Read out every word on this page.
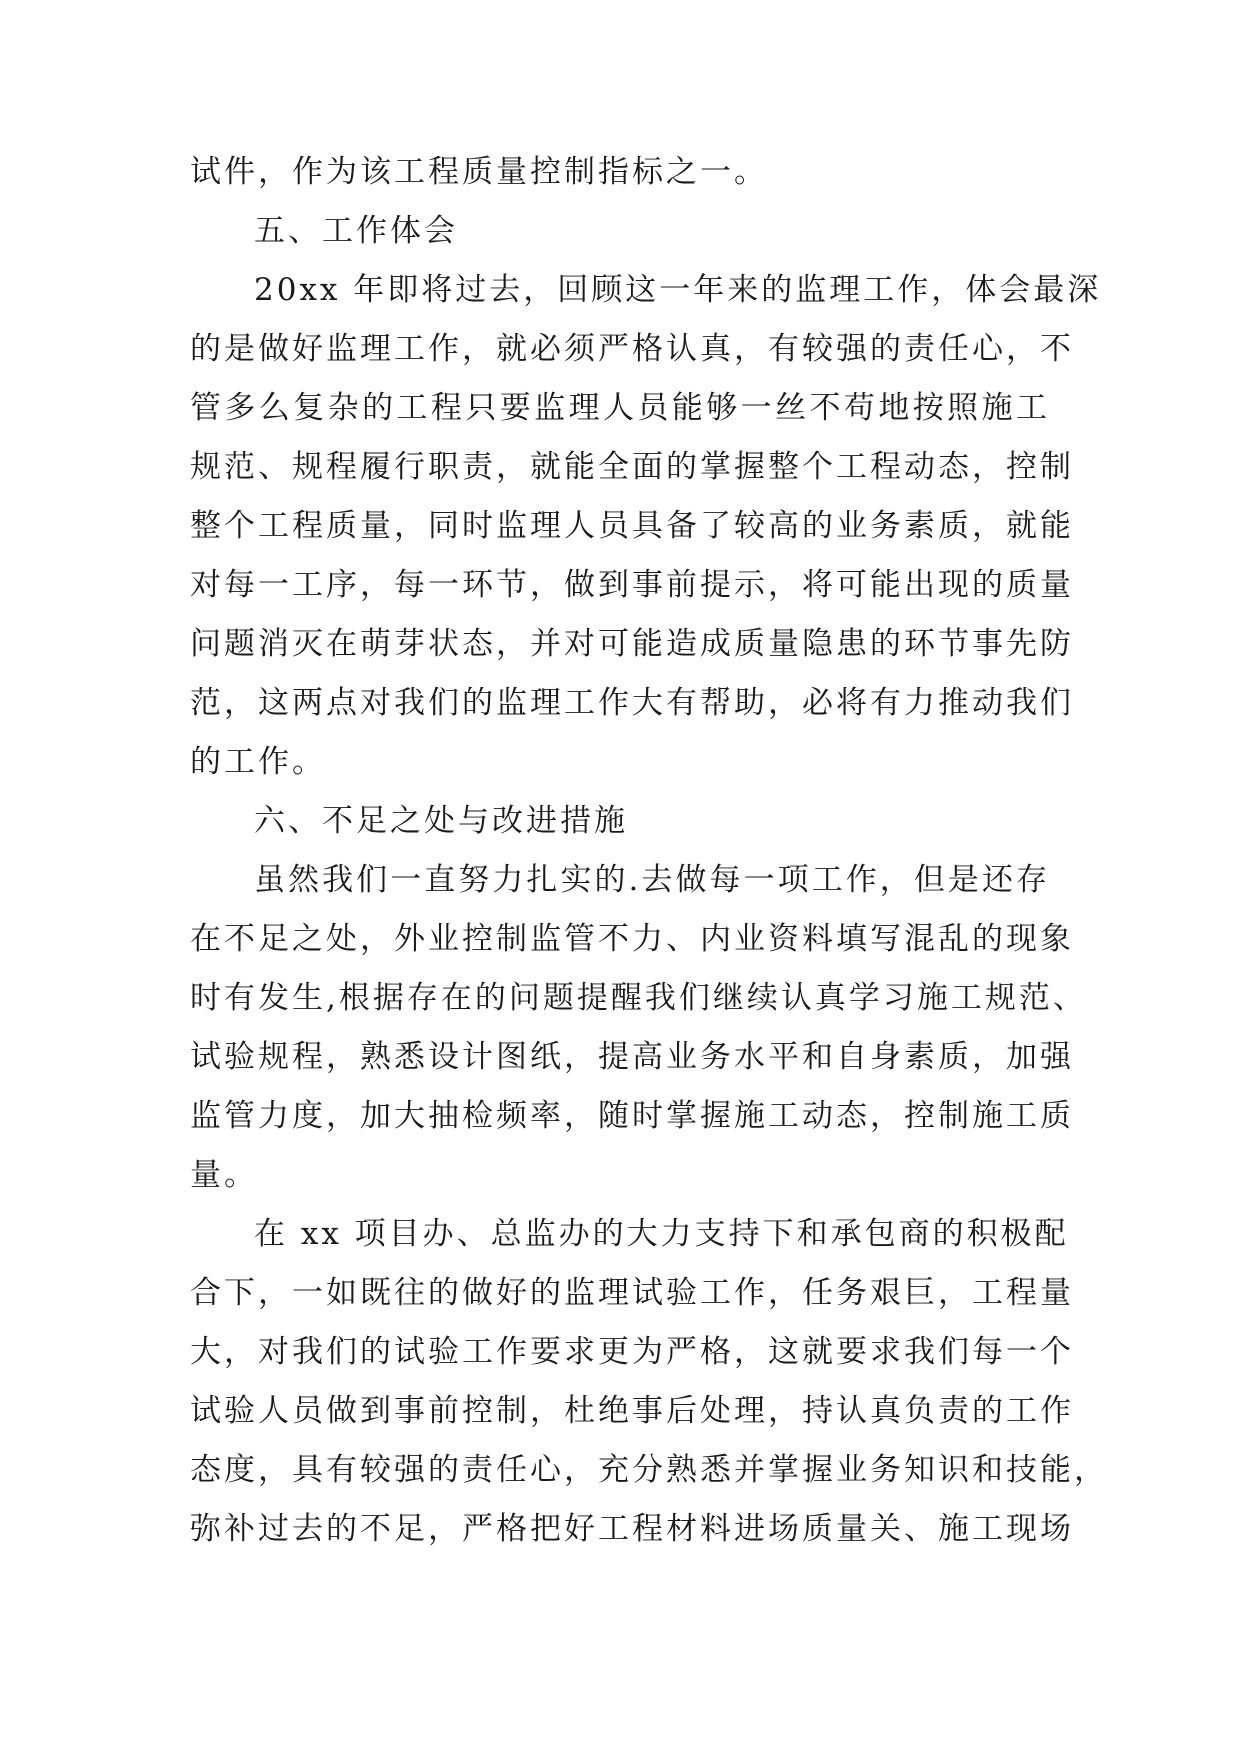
试件，作为该工程质量控制指标之一。
五、工作体会
20xx 年即将过去，回顾这一年来的监理工作，体会最深
的是做好监理工作，就必须严格认真，有较强的责任心，不
管多么复杂的工程只要监理人员能够一丝不苟地按照施工
规范、规程履行职责，就能全面的掌握整个工程动态，控制
整个工程质量，同时监理人员具备了较高的业务素质，就能
对每一工序，每一环节，做到事前提示，将可能出现的质量
问题消灭在萌芽状态，并对可能造成质量隐患的环节事先防
范，这两点对我们的监理工作大有帮助，必将有力推动我们
的工作。
六、不足之处与改进措施
虽然我们一直努力扎实的.去做每一项工作，但是还存
在不足之处，外业控制监管不力、内业资料填写混乱的现象
时有发生,根据存在的问题提醒我们继续认真学习施工规范、
试验规程，熟悉设计图纸，提高业务水平和自身素质，加强
监管力度，加大抽检频率，随时掌握施工动态，控制施工质
量。
在 xx 项目办、总监办的大力支持下和承包商的积极配
合下，一如既往的做好的监理试验工作，任务艰巨，工程量
大，对我们的试验工作要求更为严格，这就要求我们每一个
试验人员做到事前控制，杜绝事后处理，持认真负责的工作
态度，具有较强的责任心，充分熟悉并掌握业务知识和技能，
弥补过去的不足，严格把好工程材料进场质量关、施工现场
